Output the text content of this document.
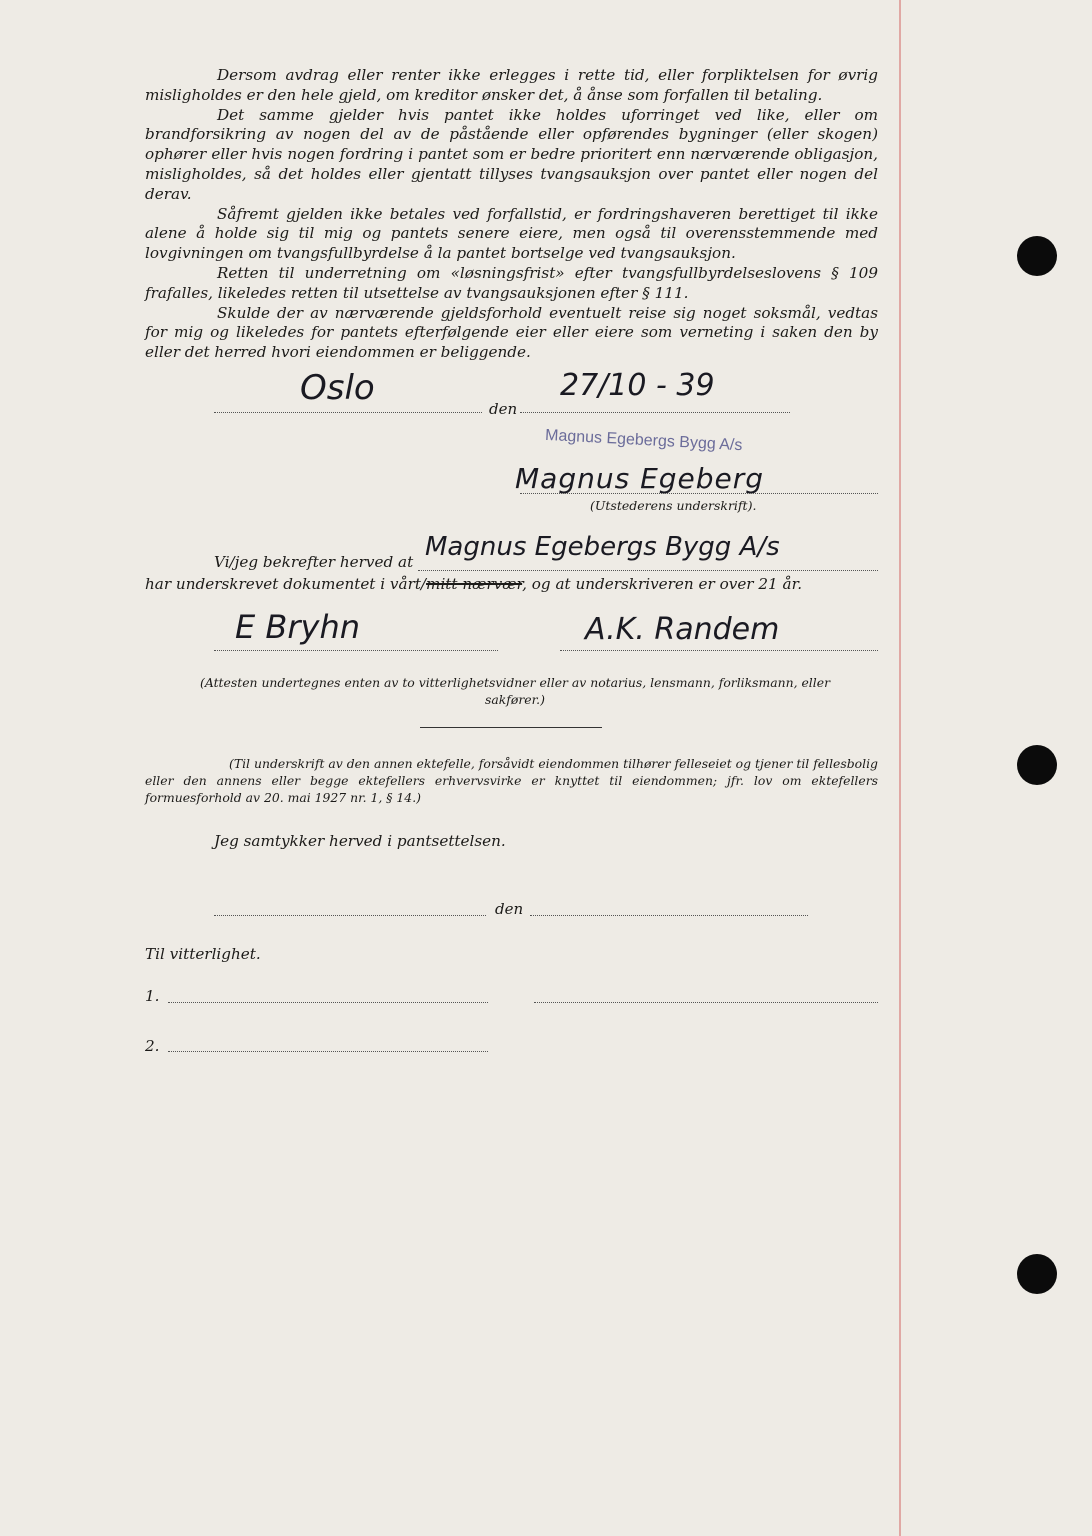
Dersom avdrag eller renter ikke erlegges i rette tid, eller forpliktelsen for øvrig misligholdes er den hele gjeld, om kreditor ønsker det, å ånse som forfallen til betaling.

Det samme gjelder hvis pantet ikke holdes uforringet ved like, eller om brandforsikring av nogen del av de påstående eller opførendes bygninger (eller skogen) ophører eller hvis nogen fordring i pantet som er bedre prioritert enn nærværende obligasjon, misligholdes, så det holdes eller gjentatt tillyses tvangsauksjon over pantet eller nogen del derav.

Såfremt gjelden ikke betales ved forfallstid, er fordringshaveren berettiget til ikke alene å holde sig til mig og pantets senere eiere, men også til overensstemmende med lovgivningen om tvangsfullbyrdelse å la pantet bortselge ved tvangsauksjon.

Retten til underretning om «løsningsfrist» efter tvangsfullbyrdelseslovens § 109 frafalles, likeledes retten til utsettelse av tvangsauksjonen efter § 111.

Skulde der av nærværende gjeldsforhold eventuelt reise sig noget soksmål, vedtas for mig og likeledes for pantets efterfølgende eier eller eiere som verneting i saken den by eller det herred hvori eiendommen er beliggende.

Oslo
den
27/10 - 39
Magnus Egebergs Bygg A/s
Magnus Egeberg
(Utstederens underskrift).
Vi/jeg bekrefter herved at Magnus Egebergs Bygg A/s
har underskrevet dokumentet i vårt/mitt nærvær, og at underskriveren er over 21 år.
E Bryhn	A.K. Randem
(Attesten undertegnes enten av to vitterlighetsvidner eller av notarius, lensmann, forliksmann, eller sakfører.)
(Til underskrift av den annen ektefelle, forsåvidt eiendommen tilhører felleseiet og tjener til fellesbolig eller den annens eller begge ektefellers erhvervsvirke er knyttet til eiendommen; jfr. lov om ektefellers formuesforhold av 20. mai 1927 nr. 1, § 14.)
Jeg samtykker herved i pantsettelsen.
den
Til vitterlighet.
1.
2.
